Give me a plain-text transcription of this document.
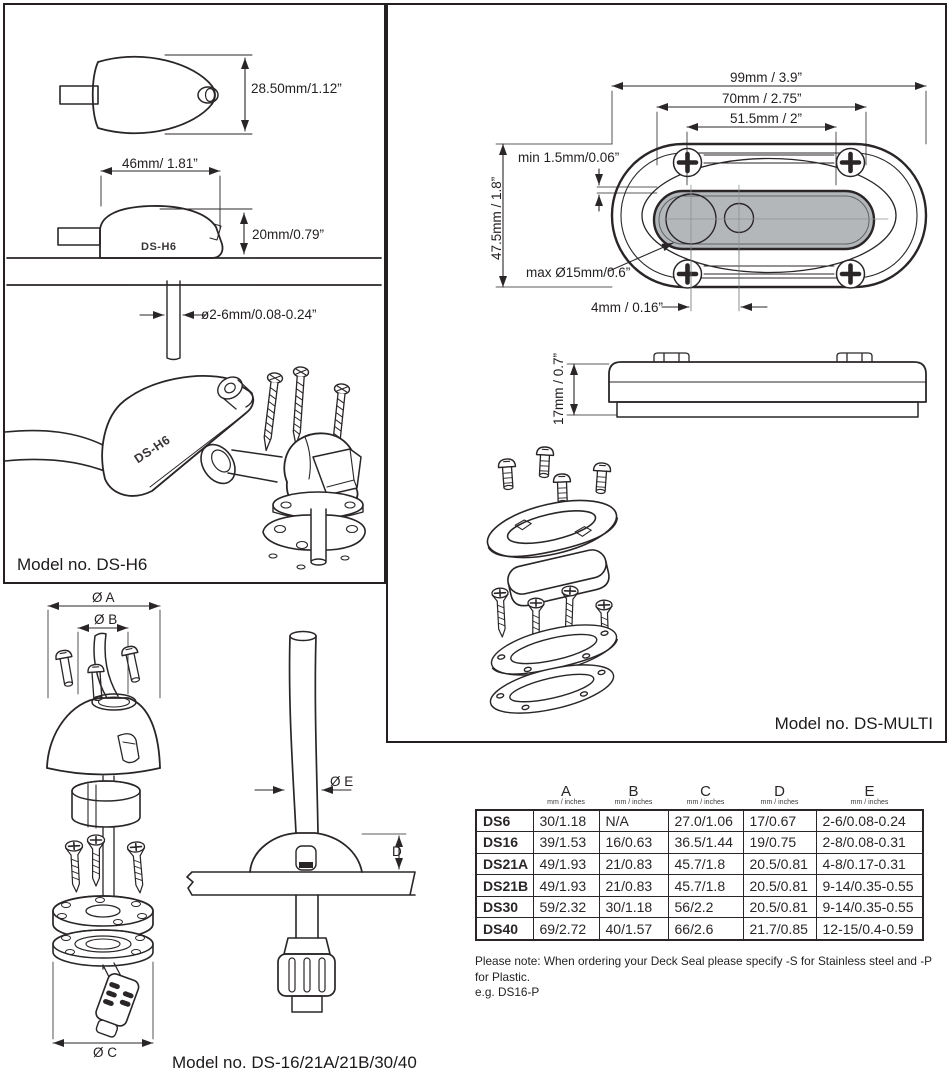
28.50mm/1.12”
46mm/ 1.81”
20mm/0.79”
DS-H6
DS-H6
ø2-6mm/0.08-0.24”
Model no. DS-H6
99mm / 3.9”
70mm / 2.75”
51.5mm / 2”
min 1.5mm/0.06”
47.5mm / 1.8”
max Ø15mm/0.6”
4mm / 0.16”
17mm / 0.7”
Model no. DS-MULTI
Ø A
Ø B
Ø C
Ø E
D
Model no. DS-16/21A/21B/30/40

	A
mm / inches	B
mm / inches	C
mm / inches	D
mm / inches	E
mm / inches

DS6	30/1.18	N/A	27.0/1.06	17/0.67	2-6/0.08-0.24
DS16	39/1.53	16/0.63	36.5/1.44	19/0.75	2-8/0.08-0.31
DS21A	49/1.93	21/0.83	45.7/1.8	20.5/0.81	4-8/0.17-0.31
DS21B	49/1.93	21/0.83	45.7/1.8	20.5/0.81	9-14/0.35-0.55
DS30	59/2.32	30/1.18	56/2.2	20.5/0.81	9-14/0.35-0.55
DS40	69/2.72	40/1.57	66/2.6	21.7/0.85	12-15/0.4-0.59
Please note: When ordering your Deck Seal please specify -S for Stainless steel and -P for Plastic.
e.g. DS16-P
